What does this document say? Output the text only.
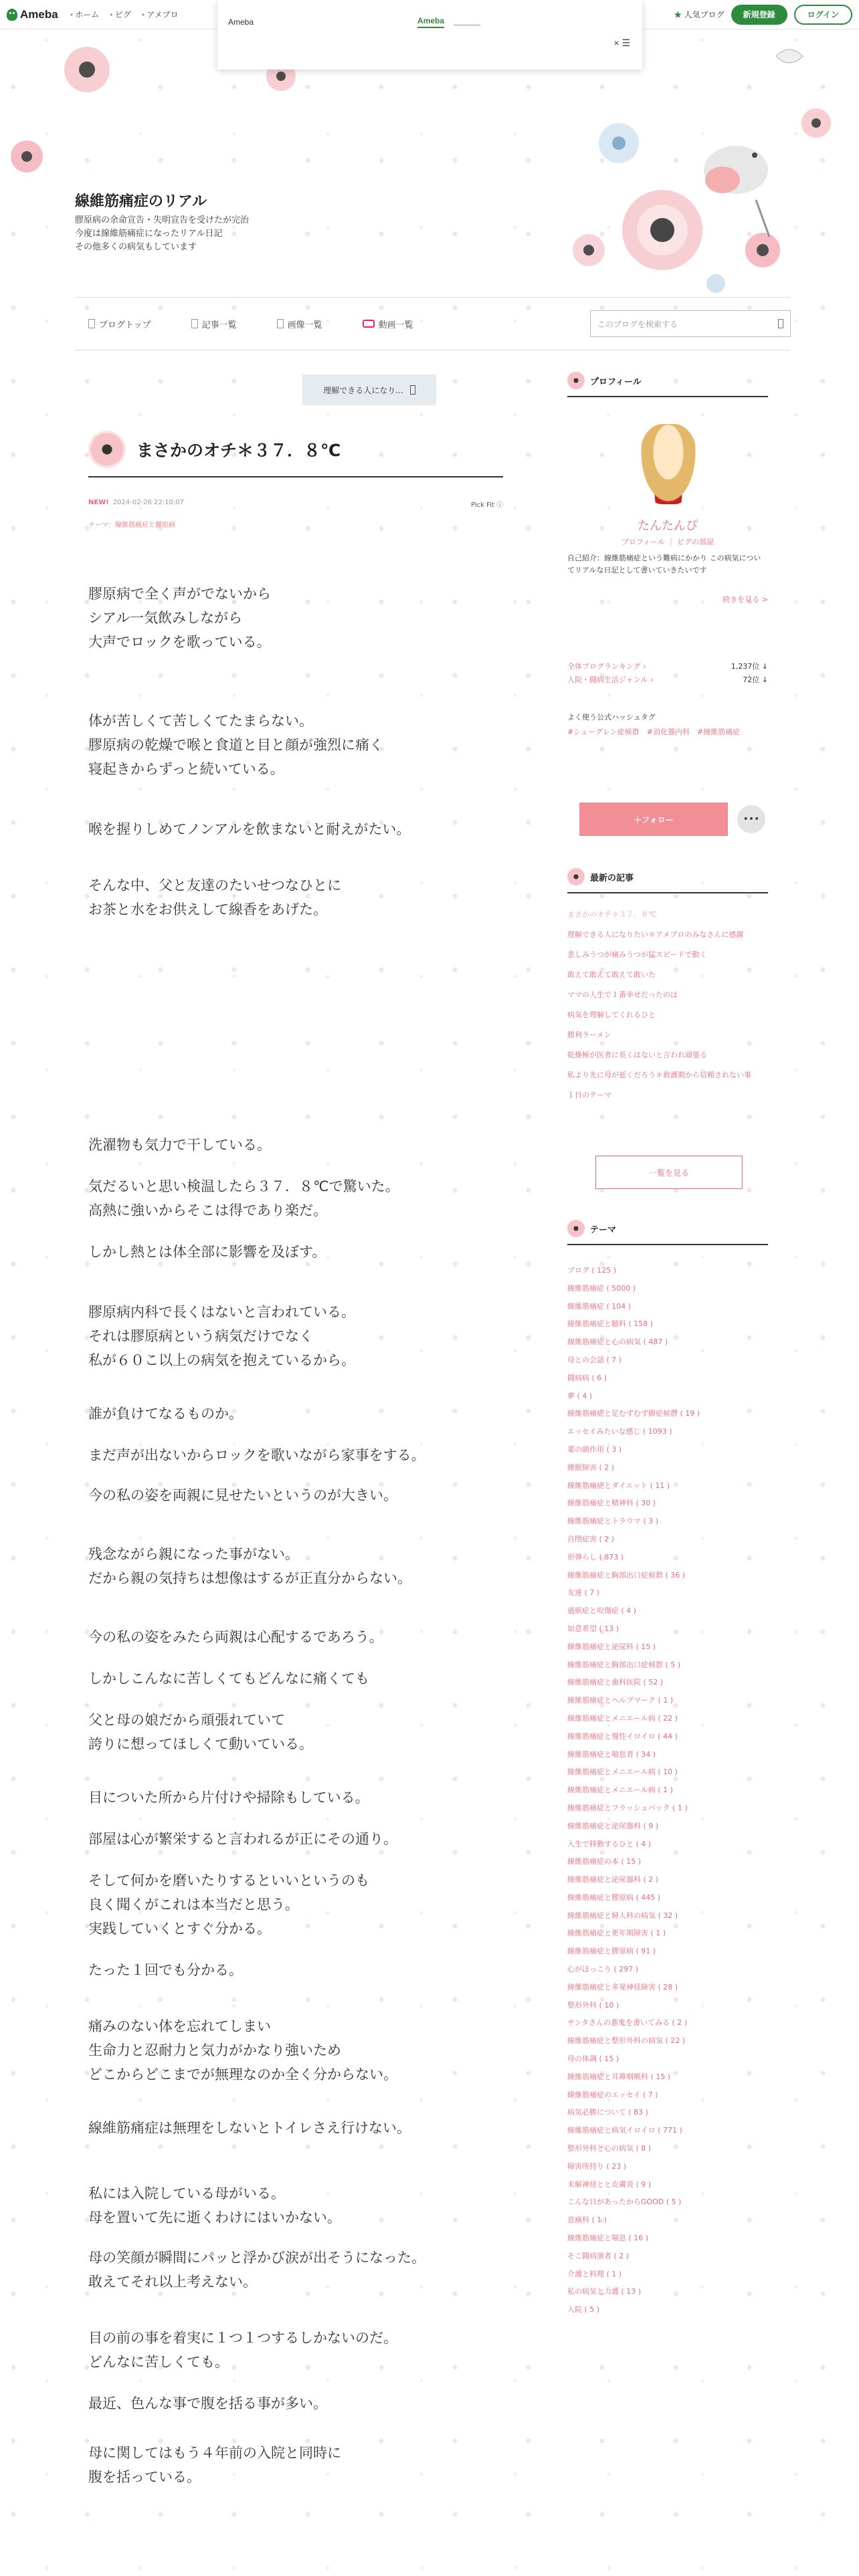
Ameba	• ホーム	• ピグ	• アメブロ	★ 人気ブログ	新規登録	ログイン
Ameba	Ameba
× ☰
線維筋痛症のリアル

膠原病の余命宣告・失明宣告を受けたが完治
今度は線維筋痛症になったリアル日記
その他多くの病気もしています

ブログトップ	記事一覧	画像一覧	動画一覧	このブログを検索する
理解できる人になり...
まさかのオチ＊３７．８℃
NEW! 2024-02-26 22:10:07	Pick Fit ⓘ
テーマ：線維筋痛症と膠原病

膠原病で全く声がでないから
シアル一気飲みしながら
大声でロックを歌っている。

体が苦しくて苦しくてたまらない。
膠原病の乾燥で喉と食道と目と顔が強烈に痛く
寝起きからずっと続いている。

喉を握りしめてノンアルを飲まないと耐えがたい。

そんな中、父と友達のたいせつなひとに
お茶と水をお供えして線香をあげた。

洗濯物も気力で干している。

気だるいと思い検温したら３７．８℃で驚いた。
高熱に強いからそこは得であり楽だ。

しかし熱とは体全部に影響を及ぼす。

膠原病内科で長くはないと言われている。
それは膠原病という病気だけでなく
私が６０こ以上の病気を抱えているから。

誰が負けてなるものか。

まだ声が出ないからロックを歌いながら家事をする。

今の私の姿を両親に見せたいというのが大きい。

残念ながら親になった事がない。
だから親の気持ちは想像はするが正直分からない。

今の私の姿をみたら両親は心配するであろう。

しかしこんなに苦しくてもどんなに痛くても

父と母の娘だから頑張れていて
誇りに想ってほしくて動いている。

目についた所から片付けや掃除もしている。

部屋は心が繁栄すると言われるが正にその通り。

そして何かを磨いたりするといいというのも
良く聞くがこれは本当だと思う。
実践していくとすぐ分かる。

たった１回でも分かる。

痛みのない体を忘れてしまい
生命力と忍耐力と気力がかなり強いため
どこからどこまでが無理なのか全く分からない。

線維筋痛症は無理をしないとトイレさえ行けない。

私には入院している母がいる。
母を置いて先に逝くわけにはいかない。

母の笑顔が瞬間にパッと浮かび涙が出そうになった。
敢えてそれ以上考えない。

目の前の事を着実に１つ１つするしかないのだ。
どんなに苦しくても。

最近、色んな事で腹を括る事が多い。

母に関してはもう４年前の入院と同時に
腹を括っている。

プロフィール
たんたんぴ
プロフィール ｜ ピグの部屋
自己紹介：線維筋痛症という難病にかかり この病気についてリアルな日記として書いていきたいです
続きを見る >
全体ブログランキング ›	1,237位 ↓
入院・闘病生活ジャンル ›	72位 ↓
よく使う公式ハッシュタグ
#シェーグレン症候群　#消化器内科　#線維筋痛症
＋フォロー	•••
最新の記事
まさかのオチ＊３７．８℃
理解できる人になりたい＊アメブロのみなさんに感謝
悲しみうつが痛みうつが猛スピードで動く
敢えて敢えて敢えて敢いた
ママの人生で１番幸せだったのは
病気を理解してくれるひと
勝利ラーメン
乾燥極が医者に長くはないと言われ頑張る
私より先に母が逝くだろう＊救護期から信頼されない事
１日のテーマ
一覧を見る
テーマ
ブログ ( 125 )
線維筋痛症 ( 5000 )
線維筋痛症 ( 104 )
線維筋痛症と聴料 ( 158 )
線維筋痛症と心の病気 ( 487 )
母との会話 ( 7 )
闘病病 ( 6 )
夢 ( 4 )
線維筋痛症と足むずむず脚症候群 ( 19 )
エッセイみたいな感じ ( 1093 )
薬の副作用 ( 3 )
睡眠障害 ( 2 )
線維筋痛症とダイエット ( 11 )
線維筋痛症と精神科 ( 30 )
線維筋痛症とトラウマ ( 3 )
自閉症害 ( 2 )
形弾らし ( 873 )
線維筋痛症と胸部出口症候群 ( 36 )
友達 ( 7 )
過眠症と咬傷症 ( 4 )
如意希望 ( 13 )
線維筋痛症と泌尿科 ( 15 )
線維筋痛症と胸部出口症候群 ( 5 )
線維筋痛症と歯科医院 ( 52 )
線維筋痛症とヘルプマーク ( 1 )
線維筋痛症とメニエール病 ( 22 )
線維筋痛症と慢性イロイロ ( 44 )
線維筋痛症と喘息者 ( 34 )
線維筋痛症とメニエール病 ( 10 )
線維筋痛症とメニエール病 ( 1 )
線維筋痛症とフラッシュバック ( 1 )
線維筋痛症と泌尿器科 ( 9 )
入生で移動するひと ( 4 )
線維筋痛症の本 ( 15 )
線維筋痛症と泌尿器科 ( 2 )
線維筋痛症と膠原病 ( 445 )
線維筋痛症と婦人科の病気 ( 32 )
線維筋痛症と更年期障害 ( 1 )
線維筋痛症と膠原病 ( 91 )
心がほっこり ( 297 )
線維筋痛症と多発神経障害 ( 28 )
整形外科 ( 10 )
サンタさんの悪鬼を書いてみる ( 2 )
線維筋痛症と整形外科の病気 ( 22 )
母の体調 ( 15 )
線維筋痛症と耳鼻咽喉科 ( 15 )
線維筋痛症のエッセイ ( 7 )
病気必勝について ( 83 )
線維筋痛症と病気イロイロ ( 771 )
整形外科と心の病気 ( 8 )
障害所持り ( 23 )
未解神経とと皮膚炎 ( 9 )
こんな日があったからGOOD ( 5 )
息痛科 ( 1 )
線維筋痛症と喘息 ( 16 )
そこ闘病演者 ( 2 )
介護と料理 ( 1 )
私の病気と力護 ( 13 )
入院 ( 5 )
